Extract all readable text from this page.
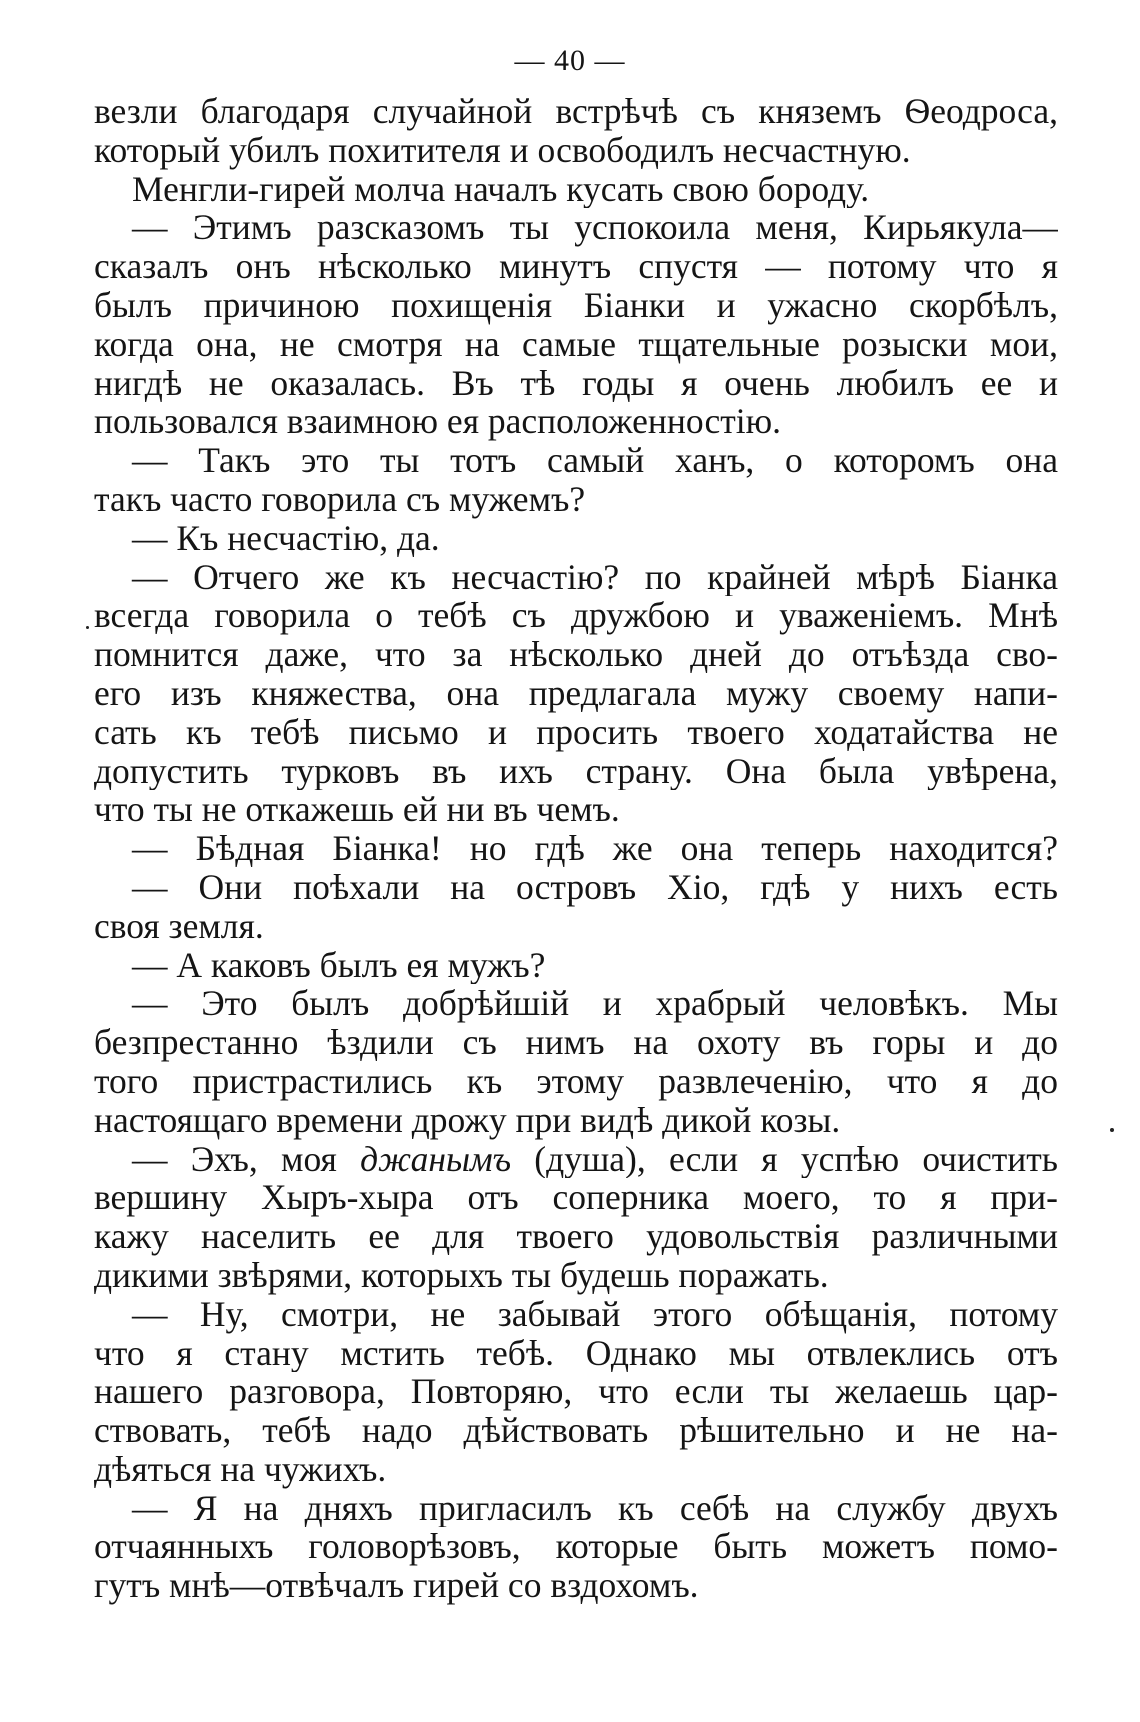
— 40 —
везли благодаря случайной встрѣчѣ съ княземъ Ѳеодроса,
который убилъ похитителя и освободилъ несчастную.
Менгли-гирей молча началъ кусать свою бороду.
— Этимъ разсказомъ ты успокоила меня, Кирьякула—
сказалъ онъ нѣсколько минутъ спустя — потому что я
былъ причиною похищенія Біанки и ужасно скорбѣлъ,
когда она, не смотря на самые тщательные розыски мои,
нигдѣ не оказалась. Въ тѣ годы я очень любилъ ее и
пользовался взаимною ея расположенностію.
— Такъ это ты тотъ самый ханъ, о которомъ она
такъ часто говорила съ мужемъ?
— Къ несчастію, да.
— Отчего же къ несчастію? по крайней мѣрѣ Біанка
всегда говорила о тебѣ съ дружбою и уваженіемъ. Мнѣ
помнится даже, что за нѣсколько дней до отъѣзда сво-
его изъ княжества, она предлагала мужу своему напи-
сать къ тебѣ письмо и просить твоего ходатайства не
допустить турковъ въ ихъ страну. Она была увѣрена,
что ты не откажешь ей ни въ чемъ.
— Бѣдная Біанка! но гдѣ же она теперь находится?
— Они поѣхали на островъ Хіо, гдѣ у нихъ есть
своя земля.
— А каковъ былъ ея мужъ?
— Это былъ добрѣйшій и храбрый человѣкъ. Мы
безпрестанно ѣздили съ нимъ на охоту въ горы и до
того пристрастились къ этому развлеченію, что я до
настоящаго времени дрожу при видѣ дикой козы.
— Эхъ, моя джанымъ (душа), если я успѣю очистить
вершину Хыръ-хыра отъ соперника моего, то я при-
кажу населить ее для твоего удовольствія различными
дикими звѣрями, которыхъ ты будешь поражать.
— Ну, смотри, не забывай этого обѣщанія, потому
что я стану мстить тебѣ. Однако мы отвлеклись отъ
нашего разговора, Повторяю, что если ты желаешь цар-
ствовать, тебѣ надо дѣйствовать рѣшительно и не на-
дѣяться на чужихъ.
— Я на дняхъ пригласилъ къ себѣ на службу двухъ
отчаянныхъ головорѣзовъ, которые быть можетъ помо-
гутъ мнѣ—отвѣчалъ гирей со вздохомъ.
